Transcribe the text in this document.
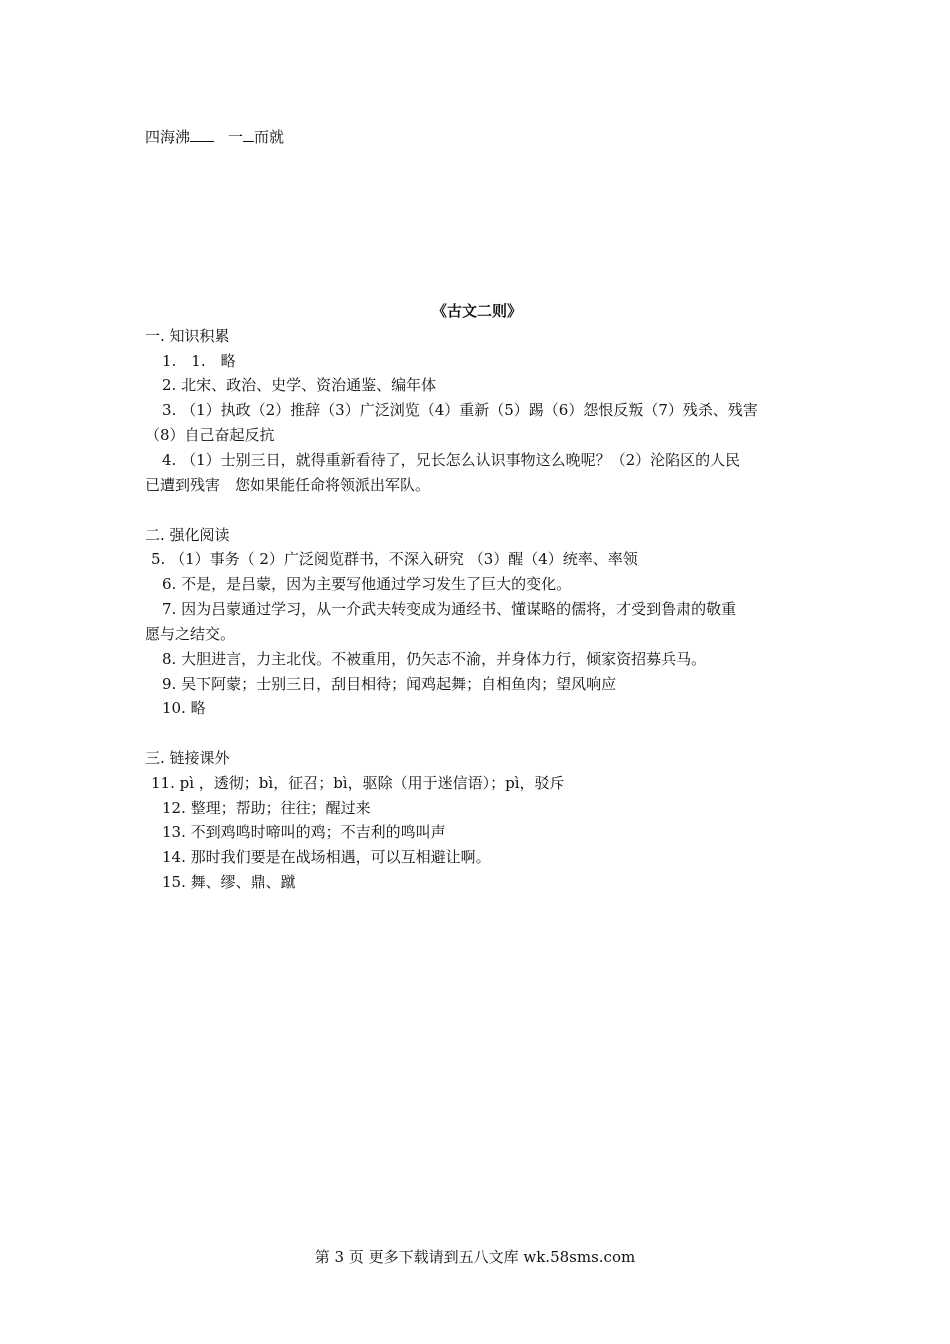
四海沸	一 而就
《古文二则》
一. 知识积累
1.　1.　略
2. 北宋、政治、史学、资治通鉴、编年体
3. （1）执政（2）推辞（3）广泛浏览（4）重新（5）踢（6）怨恨反叛（7）残杀、残害
（8）自己奋起反抗
4. （1）士别三日，就得重新看待了，兄长怎么认识事物这么晚呢？（2）沦陷区的人民
已遭到残害　您如果能任命将领派出军队。
二. 强化阅读
5. （1）事务（ 2）广泛阅览群书，不深入研究 （3）醒（4）统率、率领
6. 不是，是吕蒙，因为主要写他通过学习发生了巨大的变化。
7. 因为吕蒙通过学习，从一介武夫转变成为通经书、懂谋略的儒将，才受到鲁肃的敬重
愿与之结交。
8. 大胆进言，力主北伐。不被重用，仍矢志不渝，并身体力行，倾家资招募兵马。
9. 吴下阿蒙；士别三日，刮目相待；闻鸡起舞；自相鱼肉；望风响应
10. 略
三. 链接课外
11. pì ，透彻；bì，征召；bì，驱除（用于迷信语）；pì，驳斥
12. 整理；帮助；往往；醒过来
13. 不到鸡鸣时啼叫的鸡；不吉利的鸣叫声
14. 那时我们要是在战场相遇，可以互相避让啊。
15. 舞、缪、鼎、蹴
第 3 页 更多下载请到五八文库 wk.58sms.com
